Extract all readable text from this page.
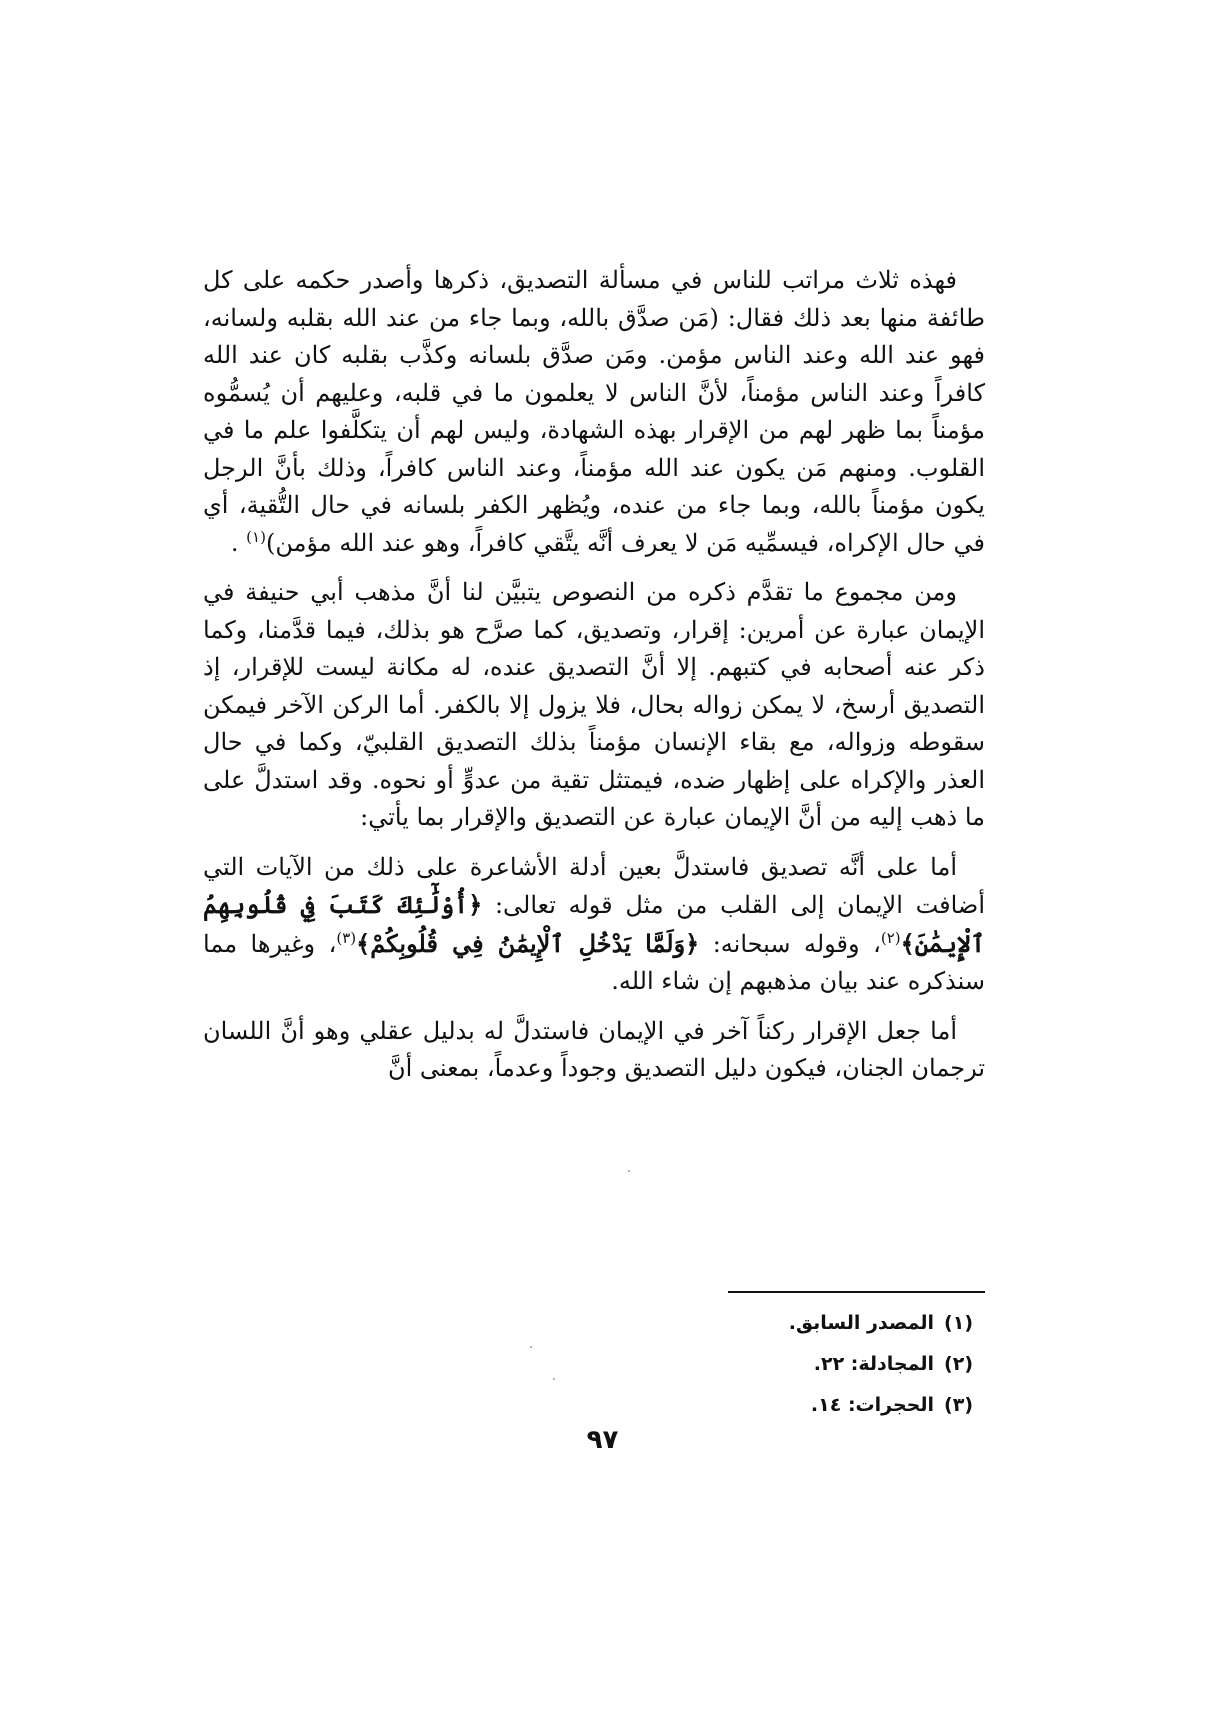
فهذه ثلاث مراتب للناس في مسألة التصديق، ذكرها وأصدر حكمه على كل طائفة منها بعد ذلك فقال: (مَن صدَّق بالله، وبما جاء من عند الله بقلبه ولسانه، فهو عند الله وعند الناس مؤمن. ومَن صدَّق بلسانه وكذَّب بقلبه كان عند الله كافراً وعند الناس مؤمناً، لأنَّ الناس لا يعلمون ما في قلبه، وعليهم أن يُسمُّوه مؤمناً بما ظهر لهم من الإقرار بهذه الشهادة، وليس لهم أن يتكلَّفوا علم ما في القلوب. ومنهم مَن يكون عند الله مؤمناً، وعند الناس كافراً، وذلك بأنَّ الرجل يكون مؤمناً بالله، وبما جاء من عنده، ويُظهر الكفر بلسانه في حال التُّقية، أي في حال الإكراه، فيسمِّيه مَن لا يعرف أنَّه يتَّقي كافراً، وهو عند الله مؤمن)$^{(١)}$ .

ومن مجموع ما تقدَّم ذكره من النصوص يتبيَّن لنا أنَّ مذهب أبي حنيفة في الإيمان عبارة عن أمرين: إقرار، وتصديق، كما صرَّح هو بذلك، فيما قدَّمنا، وكما ذكر عنه أصحابه في كتبهم. إلا أنَّ التصديق عنده، له مكانة ليست للإقرار، إذ التصديق أرسخ، لا يمكن زواله بحال، فلا يزول إلا بالكفر. أما الركن الآخر فيمكن سقوطه وزواله، مع بقاء الإنسان مؤمناً بذلك التصديق القلبيّ، وكما في حال العذر والإكراه على إظهار ضده، فيمتثل تقية من عدوٍّ أو نحوه. وقد استدلَّ على ما ذهب إليه من أنَّ الإيمان عبارة عن التصديق والإقرار بما يأتي:

أما على أنَّه تصديق فاستدلَّ بعين أدلة الأشاعرة على ذلك من الآيات التي أضافت الإيمان إلى القلب من مثل قوله تعالى: ﴿أُوْلَٰٓئِكَ كَتَبَ فِي قُلُوبِهِمُ ٱلْإِيمَٰنَ﴾$^{(٢)}$، وقوله سبحانه: ﴿وَلَمَّا يَدْخُلِ ٱلْإِيمَٰنُ فِي قُلُوبِكُمْ﴾$^{(٣)}$، وغيرها مما سنذكره عند بيان مذهبهم إن شاء الله.

أما جعل الإقرار ركناً آخر في الإيمان فاستدلَّ له بدليل عقلي وهو أنَّ اللسان ترجمان الجنان، فيكون دليل التصديق وجوداً وعدماً، بمعنى أنَّ

(١)المصدر السابق.
(٢)المجادلة: ٢٢.
(٣)الحجرات: ١٤.
٩٧
